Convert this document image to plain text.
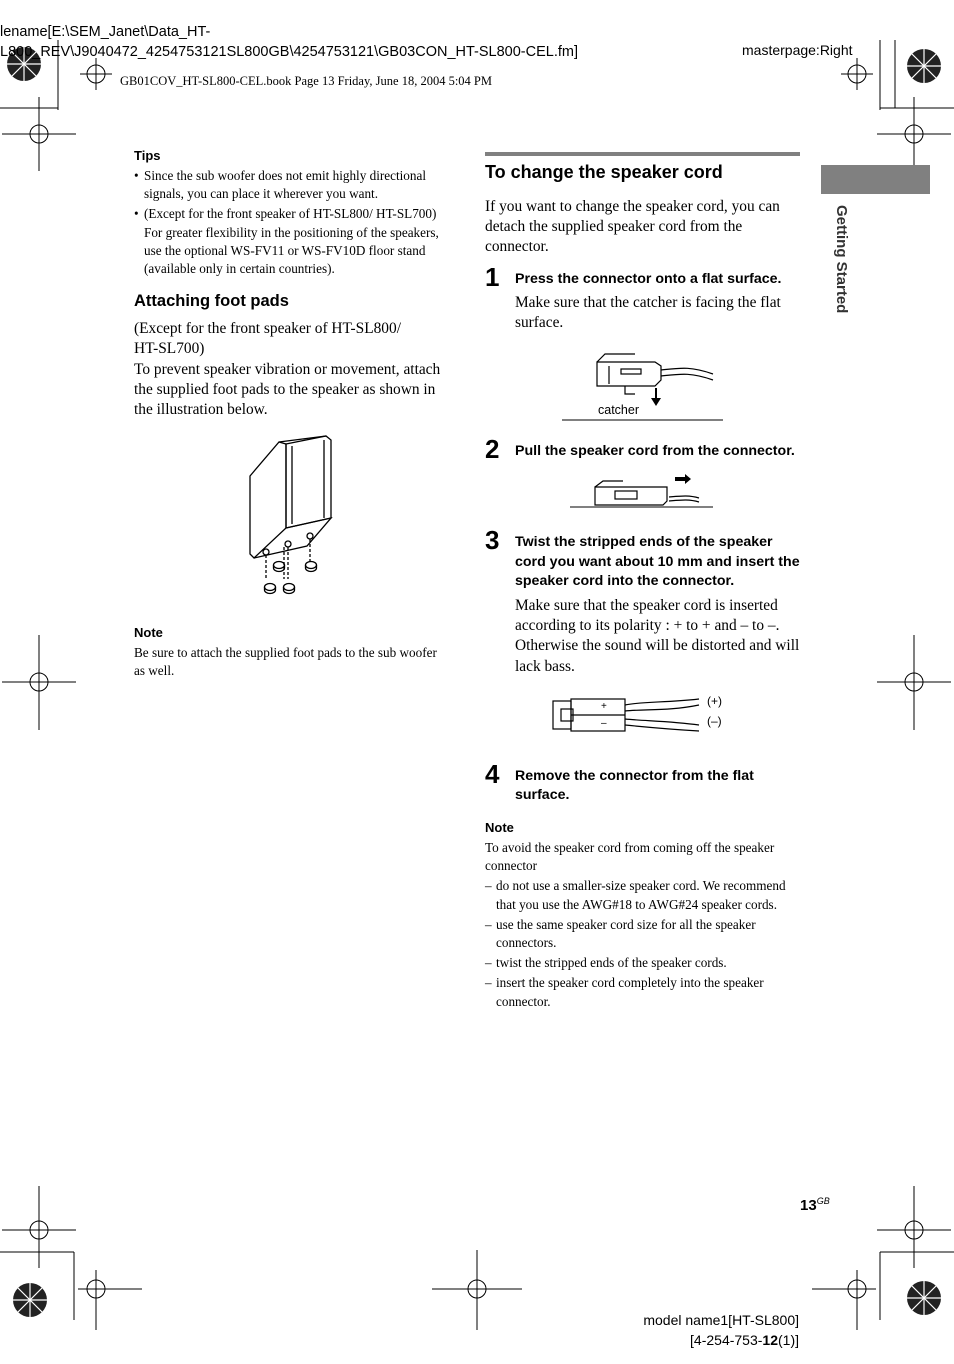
lename[E:\SEM_Janet\Data_HT-
L800_REV\J9040472_4254753121SL800GB\4254753121\GB03CON_HT-SL800-CEL.fm]	masterpage:Right
GB01COV_HT-SL800-CEL.book Page 13 Friday, June 18, 2004 5:04 PM
Tips
• Since the sub woofer does not emit highly directional signals, you can place it wherever you want.
• (Except for the front speaker of HT-SL800/ HT-SL700) For greater flexibility in the positioning of the speakers, use the optional WS-FV11 or WS-FV10D floor stand (available only in certain countries).
Attaching foot pads
(Except for the front speaker of HT-SL800/
HT-SL700)
To prevent speaker vibration or movement, attach the supplied foot pads to the speaker as shown in the illustration below.
Note
Be sure to attach the supplied foot pads to the sub woofer as well.
To change the speaker cord
If you want to change the speaker cord, you can detach the supplied speaker cord from the connector.
1 Press the connector onto a flat surface.
Make sure that the catcher is facing the flat surface.
catcher
2 Pull the speaker cord from the connector.
3 Twist the stripped ends of the speaker cord you want about 10 mm and insert the speaker cord into the connector.
Make sure that the speaker cord is inserted according to its polarity : + to + and – to –. Otherwise the sound will be distorted and will lack bass.
+
–
(+)
(–)
4 Remove the connector from the flat surface.
Note
To avoid the speaker cord from coming off the speaker connector
– do not use a smaller-size speaker cord. We recommend that you use the AWG#18 to AWG#24 speaker cords.
– use the same speaker cord size for all the speaker connectors.
– twist the stripped ends of the speaker cords.
– insert the speaker cord completely into the speaker connector.
Getting Started
$13^{GB}$
model name1[HT-SL800]
[4-254-753-12(1)]
